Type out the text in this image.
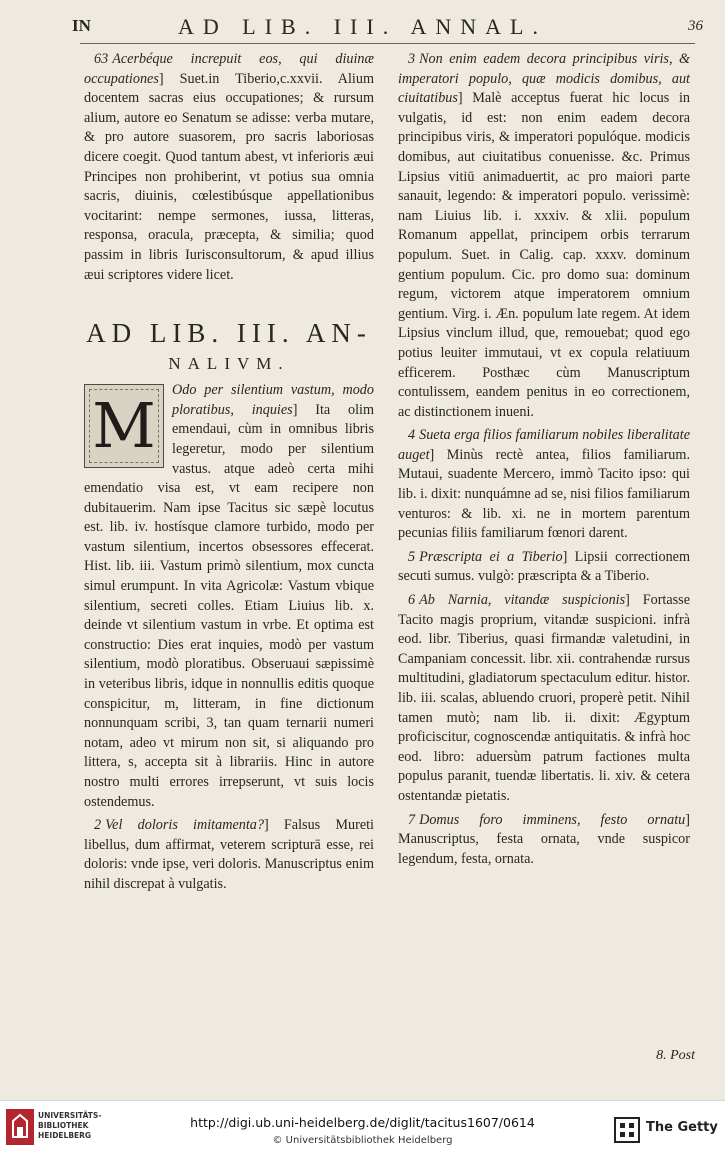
IN	AD LIB. III. ANNAL.	36

63 Acerbéque increpuit eos, qui diuinæ occupationes] Suet.in Tiberio,c.xxvii. Alium docentem sacras eius occupationes; & rursum alium, autore eo Senatum se adisse: verba mutare, & pro autore suasorem, pro sacris laboriosas dicere coegit. Quod tantum abest, vt inferioris æui Principes non prohiberint, vt potius sua omnia sacris, diuinis, cœlestibúsque appellationibus vocitarint: nempe sermones, iussa, litteras, responsa, oracula, præcepta, & similia; quod passim in libris Iurisconsultorum, & apud illius æui scriptores videre licet.

AD LIB. III. AN-
NALIVM.

M	Odo per silentium vastum, modo ploratibus, inquies] Ita olim emendaui, cùm in omnibus libris legeretur, modo per silentium vastus. atque adeò certa mihi emendatio visa est, vt eam recipere non dubitauerim. Nam ipse Tacitus sic sæpè locutus est. lib. iv. hostísque clamore turbido, modo per vastum silentium, incertos obsessores effecerat. Hist. lib. iii. Vastum primò silentium, mox cuncta simul erumpunt. In vita Agricolæ: Vastum vbique silentium, secreti colles. Etiam Liuius lib. x. deinde vt silentium vastum in vrbe. Et optima est constructio: Dies erat inquies, modò per vastum silentium, modò ploratibus. Obseruaui sæpissimè in veteribus libris, idque in nonnullis editis quoque conspicitur, m, litteram, in fine dictionum nonnunquam scribi, 3, tan quam ternarii numeri notam, adeo vt mirum non sit, si aliquando pro littera, s, accepta sit à librariis. Hinc in autore nostro multi errores irrepserunt, vt suis locis ostendemus.

2 Vel doloris imitamenta?] Falsus Mureti libellus, dum affirmat, veterem scripturā esse, rei doloris: vnde ipse, veri doloris. Manuscriptus enim nihil discrepat à vulgatis.

3 Non enim eadem decora principibus viris, & imperatori populo, quæ modicis domibus, aut ciuitatibus] Malè acceptus fuerat hic locus in vulgatis, id est: non enim eadem decora principibus viris, & imperatori populóque. modicis domibus, aut ciuitatibus conuenisse. &c. Primus Lipsius vitiū animaduertit, ac pro maiori parte sanauit, legendo: & imperatori populo. verissimè: nam Liuius lib. i. xxxiv. & xlii. populum Romanum appellat, principem orbis terrarum populum. Suet. in Calig. cap. xxxv. dominum gentium populum. Cic. pro domo sua: dominum regum, victorem atque imperatorem omnium gentium. Virg. i. Æn. populum late regem. At idem Lipsius vinclum illud, que, remouebat; quod ego potius leuiter immutaui, vt ex copula relatiuum efficerem. Posthæc cùm Manuscriptum contulissem, eandem penitus in eo correctionem, ac distinctionem inueni.

4 Sueta erga filios familiarum nobiles liberalitate auget] Minùs rectè antea, filios familiarum. Mutaui, suadente Mercero, immò Tacito ipso: qui lib. i. dixit: nunquámne ad se, nisi filios familiarum venturos: & lib. xi. ne in mortem parentum pecunias filiis familiarum fœnori darent.

5 Præscripta ei a Tiberio] Lipsii correctionem secuti sumus. vulgò: præscripta & a Tiberio.

6 Ab Narnia, vitandæ suspicionis] Fortasse Tacito magis proprium, vitandæ suspicioni. infrà eod. libr. Tiberius, quasi firmandæ valetudini, in Campaniam concessit. libr. xii. contrahendæ rursus multitudini, gladiatorum spectaculum editur. histor. lib. iii. scalas, abluendo cruori, properè petit. Nihil tamen mutò; nam lib. ii. dixit: Ægyptum proficiscitur, cognoscendæ antiquitatis. & infrà hoc eod. libro: aduersùm patrum factiones multa populus paranit, tuendæ libertatis. li. xiv. & cetera ostentandæ pietatis.

7 Domus foro imminens, festo ornatu] Manuscriptus, festa ornata, vnde suspicor legendum, festa, ornata.

8. Post
UNIVERSITÄTS-
BIBLIOTHEK
HEIDELBERG
http://digi.ub.uni-heidelberg.de/diglit/tacitus1607/0614
© Universitätsbibliothek Heidelberg
The Getty
